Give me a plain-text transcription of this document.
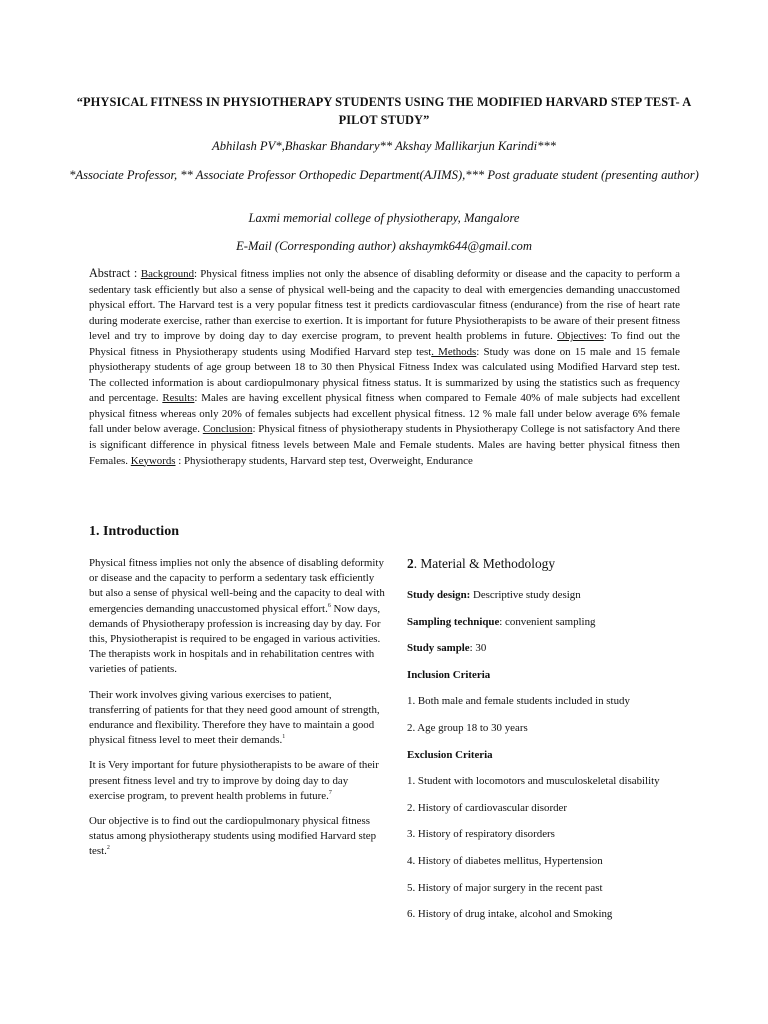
“PHYSICAL FITNESS IN PHYSIOTHERAPY STUDENTS USING THE MODIFIED HARVARD STEP TEST- A PILOT STUDY”
Abhilash PV*,Bhaskar Bhandary** Akshay Mallikarjun Karindi***
*Associate Professor, ** Associate Professor Orthopedic Department(AJIMS),*** Post graduate student (presenting author)
Laxmi memorial college of physiotherapy, Mangalore
E-Mail (Corresponding author) akshaymk644@gmail.com
Abstract : Background: Physical fitness implies not only the absence of disabling deformity or disease and the capacity to perform a sedentary task efficiently but also a sense of physical well-being and the capacity to deal with emergencies demanding unaccustomed physical effort. The Harvard test is a very popular fitness test it predicts cardiovascular fitness (endurance) from the rise of heart rate during moderate exercise, rather than exercise to exertion. It is important for future Physiotherapists to be aware of their present fitness level and try to improve by doing day to day exercise program, to prevent health problems in future. Objectives: To find out the Physical fitness in Physiotherapy students using Modified Harvard step test. Methods: Study was done on 15 male and 15 female physiotherapy students of age group between 18 to 30 then Physical Fitness Index was calculated using Modified Harvard step test. The collected information is about cardiopulmonary physical fitness status. It is summarized by using the statistics such as frequency and percentage. Results: Males are having excellent physical fitness when compared to Female 40% of male subjects had excellent physical fitness whereas only 20% of females subjects had excellent physical fitness. 12 % male fall under below average 6% female fall under below average. Conclusion: Physical fitness of physiotherapy students in Physiotherapy College is not satisfactory And there is significant difference in physical fitness levels between Male and Female students. Males are having better physical fitness then Females. Keywords : Physiotherapy students, Harvard step test, Overweight, Endurance
1. Introduction

Physical fitness implies not only the absence of disabling deformity or disease and the capacity to perform a sedentary task efficiently but also a sense of physical well-being and the capacity to deal with emergencies demanding unaccustomed physical effort.$^6$ Now days, demands of Physiotherapy profession is increasing day by day. For this, Physiotherapist is required to be engaged in various activities. The therapists work in hospitals and in rehabilitation centres with varieties of patients.

Their work involves giving various exercises to patient, transferring of patients for that they need good amount of strength, endurance and flexibility. Therefore they have to maintain a good physical fitness level to meet their demands.$^1$

It is Very important for future physiotherapists to be aware of their present fitness level and try to improve by doing day to day exercise program, to prevent health problems in future.$^7$

Our objective is to find out the cardiopulmonary physical fitness status among physiotherapy students using modified Harvard step test.$^2$

2. Material & Methodology
Study design: Descriptive study design
Sampling technique: convenient sampling
Study sample: 30
Inclusion Criteria
1. Both male and female students included in study
2. Age group 18 to 30 years
Exclusion Criteria
1. Student with locomotors and musculoskeletal disability
2. History of cardiovascular disorder
3. History of respiratory disorders
4. History of diabetes mellitus, Hypertension
5. History of major surgery in the recent past
6. History of drug intake, alcohol and Smoking
